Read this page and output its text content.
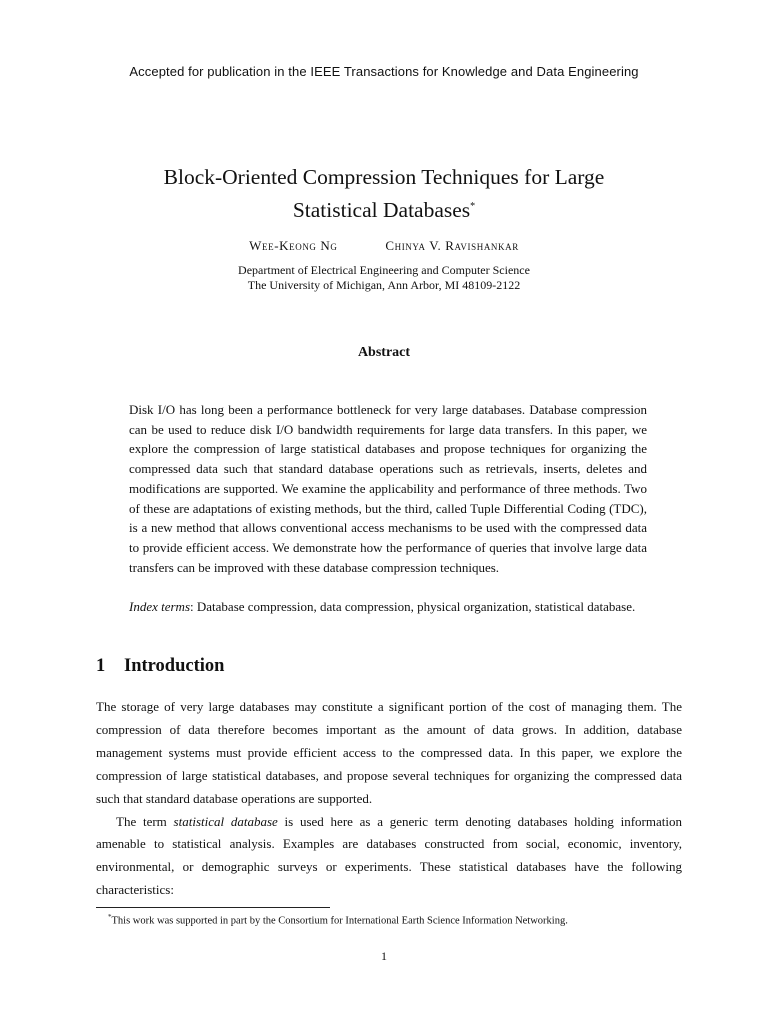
Accepted for publication in the IEEE Transactions for Knowledge and Data Engineering
Block-Oriented Compression Techniques for Large
Statistical Databases*
Wee-Keong Ng	Chinya V. Ravishankar
Department of Electrical Engineering and Computer Science
The University of Michigan, Ann Arbor, MI 48109-2122
Abstract

Disk I/O has long been a performance bottleneck for very large databases. Database compression can be used to reduce disk I/O bandwidth requirements for large data transfers. In this paper, we explore the compression of large statistical databases and propose techniques for organizing the compressed data such that standard database operations such as retrievals, inserts, deletes and modifications are supported. We examine the applicability and performance of three methods. Two of these are adaptations of existing methods, but the third, called Tuple Differential Coding (TDC), is a new method that allows conventional access mechanisms to be used with the compressed data to provide efficient access. We demonstrate how the performance of queries that involve large data transfers can be improved with these database compression techniques.

Index terms: Database compression, data compression, physical organization, statistical database.

1 Introduction

The storage of very large databases may constitute a significant portion of the cost of managing them. The compression of data therefore becomes important as the amount of data grows. In addition, database management systems must provide efficient access to the compressed data. In this paper, we explore the compression of large statistical databases, and propose several techniques for organizing the compressed data such that standard database operations are supported.

The term statistical database is used here as a generic term denoting databases holding information amenable to statistical analysis. Examples are databases constructed from social, economic, inventory, environmental, or demographic surveys or experiments. These statistical databases have the following characteristics:

*This work was supported in part by the Consortium for International Earth Science Information Networking.
1
